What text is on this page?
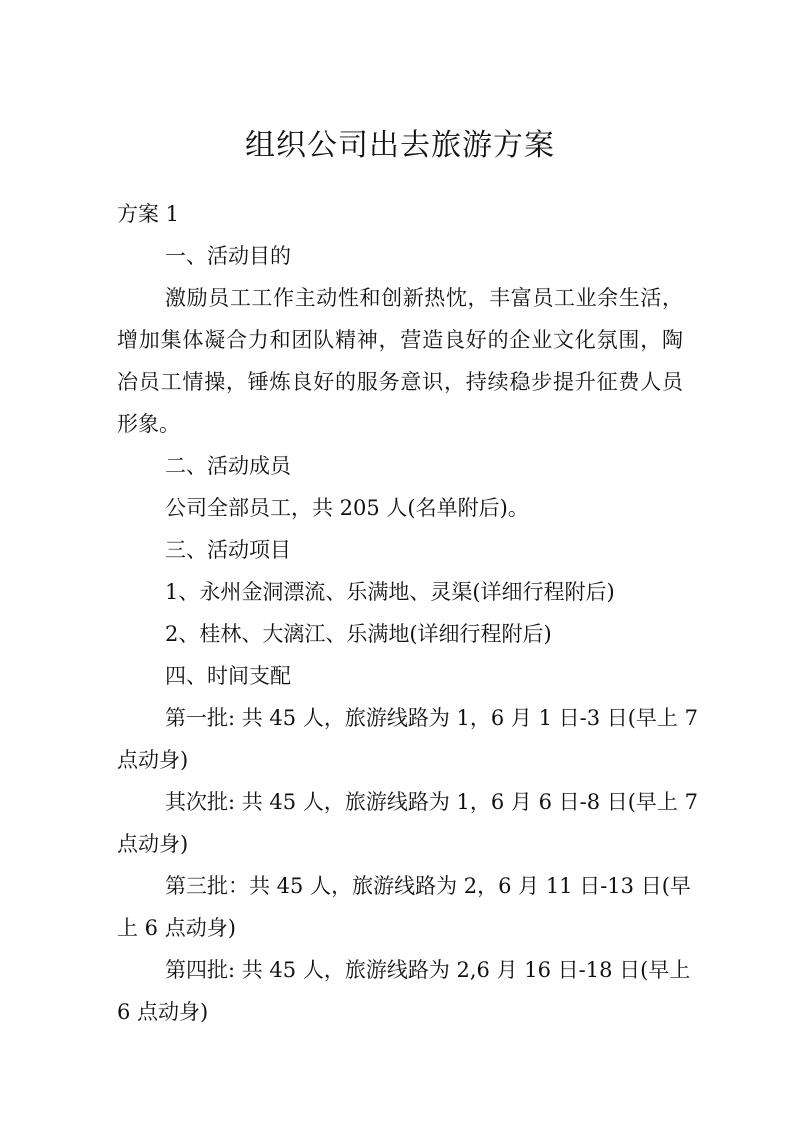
组织公司出去旅游方案

方案 1

一、活动目的

激励员工工作主动性和创新热忱，丰富员工业余生活，

增加集体凝合力和团队精神，营造良好的企业文化氛围，陶

冶员工情操，锤炼良好的服务意识，持续稳步提升征费人员

形象。

二、活动成员

公司全部员工，共 205 人(名单附后)。

三、活动项目

1、永州金洞漂流、乐满地、灵渠(详细行程附后)

2、桂林、大漓江、乐满地(详细行程附后)

四、时间支配

第一批: 共 45 人，旅游线路为 1，6 月 1 日-3 日(早上 7

点动身)

其次批: 共 45 人，旅游线路为 1，6 月 6 日-8 日(早上 7

点动身)

第三批：共 45 人，旅游线路为 2，6 月 11 日-13 日(早

上 6 点动身)

第四批: 共 45 人，旅游线路为 2,6 月 16 日-18 日(早上

6 点动身)
